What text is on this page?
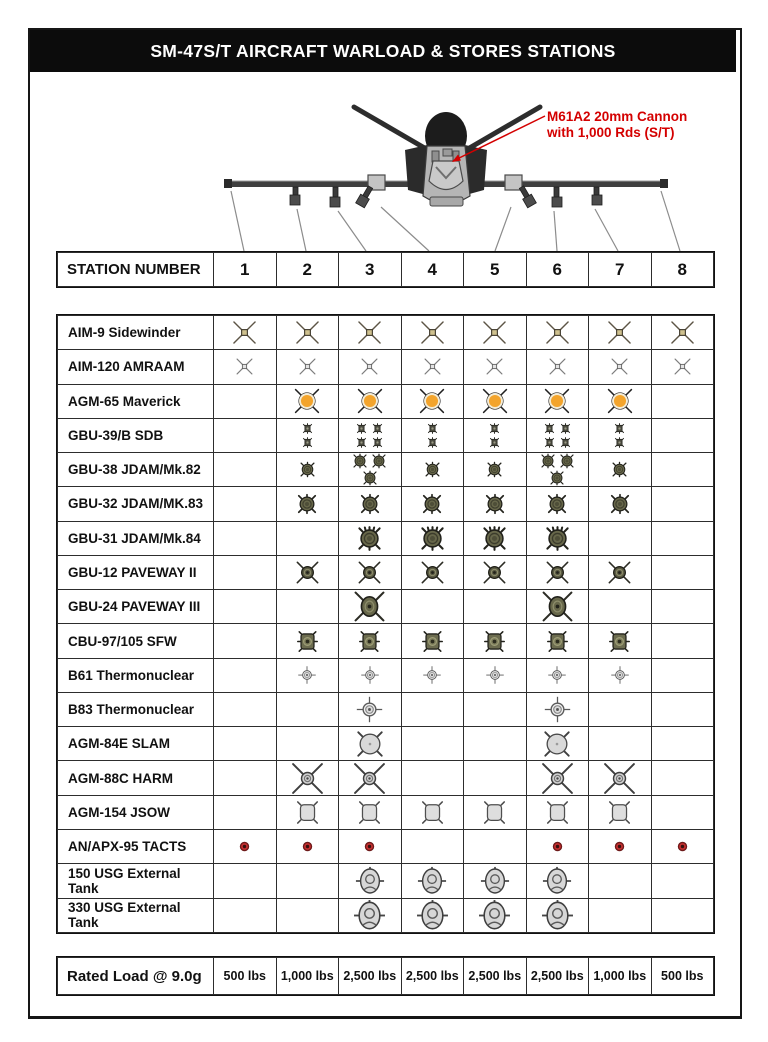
SM-47S/T AIRCRAFT WARLOAD & STORES STATIONS
M61A2 20mm Cannon with 1,000 Rds (S/T)
STATION NUMBER	1	2	3	4	5	6	7	8
AIM-9 Sidewinder								
AIM-120 AMRAAM								
AGM-65 Maverick								
GBU-39/B SDB		

GBU-38 JDAM/Mk.82			

GBU-32 JDAM/MK.83								
GBU-31 JDAM/Mk.84								
GBU-12 PAVEWAY II								
GBU-24 PAVEWAY III								
CBU-97/105 SFW								
B61 Thermonuclear								
B83 Thermonuclear								
AGM-84E SLAM								
AGM-88C HARM								
AGM-154 JSOW								
AN/APX-95 TACTS								
150 USG External Tank								
330 USG External Tank								
Rated Load @ 9.0g	500 lbs	1,000 lbs	2,500 lbs	2,500 lbs	2,500 lbs	2,500 lbs	1,000 lbs	500 lbs
